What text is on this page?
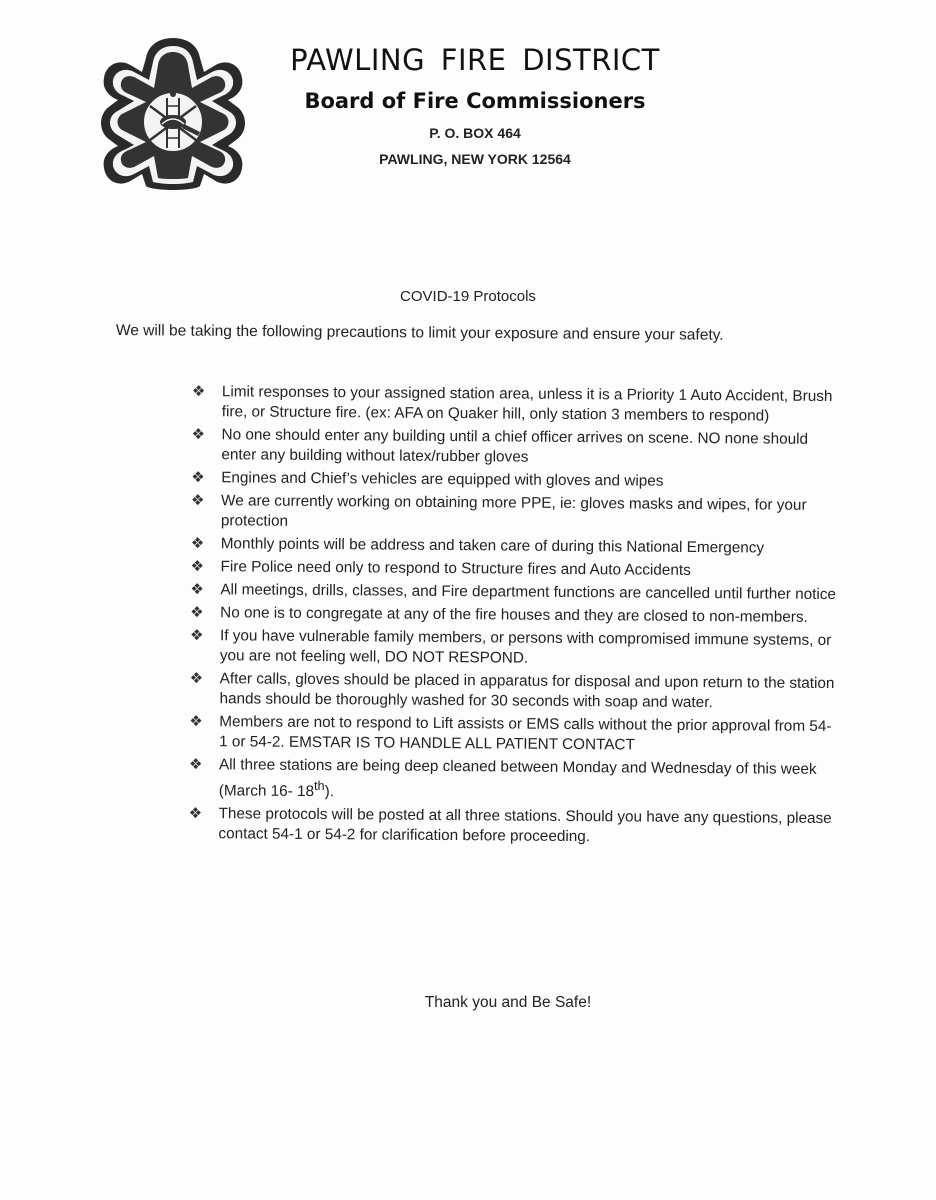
PAWLING FIRE DISTRICT
Board of Fire Commissioners
P. O. BOX 464
PAWLING, NEW YORK 12564
COVID-19 Protocols
We will be taking the following precautions to limit your exposure and ensure your safety.
❖ Limit responses to your assigned station area, unless it is a Priority 1 Auto Accident, Brush fire, or Structure fire. (ex: AFA on Quaker hill, only station 3 members to respond)
❖ No one should enter any building until a chief officer arrives on scene. NO none should enter any building without latex/rubber gloves
❖ Engines and Chief’s vehicles are equipped with gloves and wipes
❖ We are currently working on obtaining more PPE, ie: gloves masks and wipes, for your protection
❖ Monthly points will be address and taken care of during this National Emergency
❖ Fire Police need only to respond to Structure fires and Auto Accidents
❖ All meetings, drills, classes, and Fire department functions are cancelled until further notice
❖ No one is to congregate at any of the fire houses and they are closed to non-members.
❖ If you have vulnerable family members, or persons with compromised immune systems, or you are not feeling well, DO NOT RESPOND.
❖ After calls, gloves should be placed in apparatus for disposal and upon return to the station hands should be thoroughly washed for 30 seconds with soap and water.
❖ Members are not to respond to Lift assists or EMS calls without the prior approval from 54-1 or 54-2. EMSTAR IS TO HANDLE ALL PATIENT CONTACT
❖ All three stations are being deep cleaned between Monday and Wednesday of this week (March 16- 18th).
❖ These protocols will be posted at all three stations. Should you have any questions, please contact 54-1 or 54-2 for clarification before proceeding.
Thank you and Be Safe!
